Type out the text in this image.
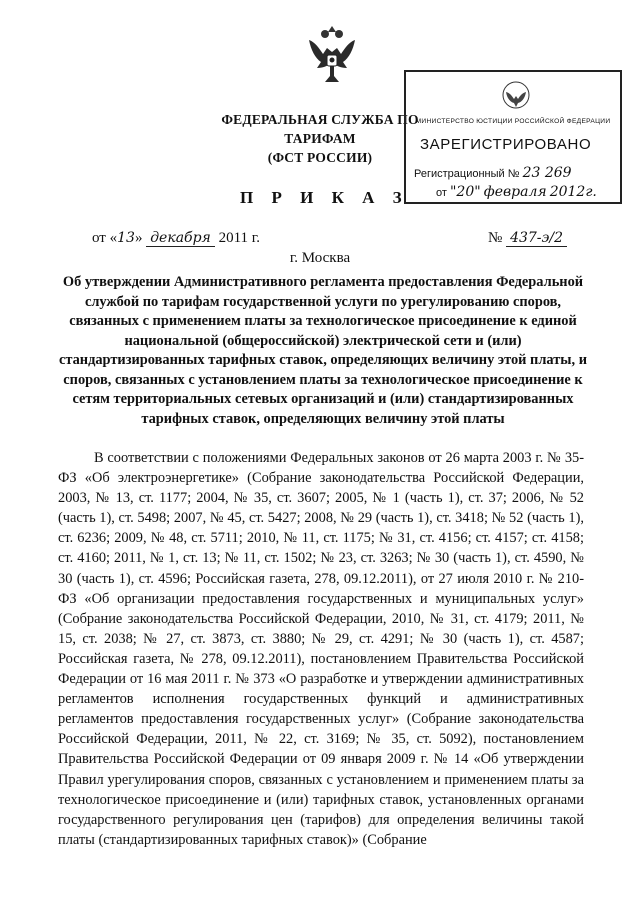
ФЕДЕРАЛЬНАЯ СЛУЖБА ПО ТАРИФАМ
(ФСТ РОССИИ)
МИНИСТЕРСТВО ЮСТИЦИИ РОССИЙСКОЙ ФЕДЕРАЦИИ
ЗАРЕГИСТРИРОВАНО
Регистрационный № 23 269
от "20" февраля 2012г.
П Р И К А З
от «13» декабря 2011 г.	№ 437-э/2
г. Москва
Об утверждении Административного регламента предоставления Федеральной службой по тарифам государственной услуги по урегулированию споров, связанных с применением платы за технологическое присоединение к единой национальной (общероссийской) электрической сети и (или) стандартизированных тарифных ставок, определяющих величину этой платы, и споров, связанных с установлением платы за технологическое присоединение к сетям территориальных сетевых организаций и (или) стандартизированных тарифных ставок, определяющих величину этой платы

В соответствии с положениями Федеральных законов от 26 марта 2003 г. № 35-ФЗ «Об электроэнергетике» (Собрание законодательства Российской Федерации, 2003, № 13, ст. 1177; 2004, № 35, ст. 3607; 2005, № 1 (часть 1), ст. 37; 2006, № 52 (часть 1), ст. 5498; 2007, № 45, ст. 5427; 2008, № 29 (часть 1), ст. 3418; № 52 (часть 1), ст. 6236; 2009, № 48, ст. 5711; 2010, № 11, ст. 1175; № 31, ст. 4156; ст. 4157; ст. 4158; ст. 4160; 2011, № 1, ст. 13; № 11, ст. 1502; № 23, ст. 3263; № 30 (часть 1), ст. 4590, № 30 (часть 1), ст. 4596; Российская газета, 278, 09.12.2011), от 27 июля 2010 г. № 210-ФЗ «Об организации предоставления государственных и муниципальных услуг» (Собрание законодательства Российской Федерации, 2010, № 31, ст. 4179; 2011, № 15, ст. 2038; № 27, ст. 3873, ст. 3880; № 29, ст. 4291; № 30 (часть 1), ст. 4587; Российская газета, № 278, 09.12.2011), постановлением Правительства Российской Федерации от 16 мая 2011 г. № 373 «О разработке и утверждении административных регламентов исполнения государственных функций и административных регламентов предоставления государственных услуг» (Собрание законодательства Российской Федерации, 2011, № 22, ст. 3169; № 35, ст. 5092), постановлением Правительства Российской Федерации от 09 января 2009 г. № 14 «Об утверждении Правил урегулирования споров, связанных с установлением и применением платы за технологическое присоединение и (или) тарифных ставок, установленных органами государственного регулирования цен (тарифов) для определения величины такой платы (стандартизированных тарифных ставок)» (Собрание
